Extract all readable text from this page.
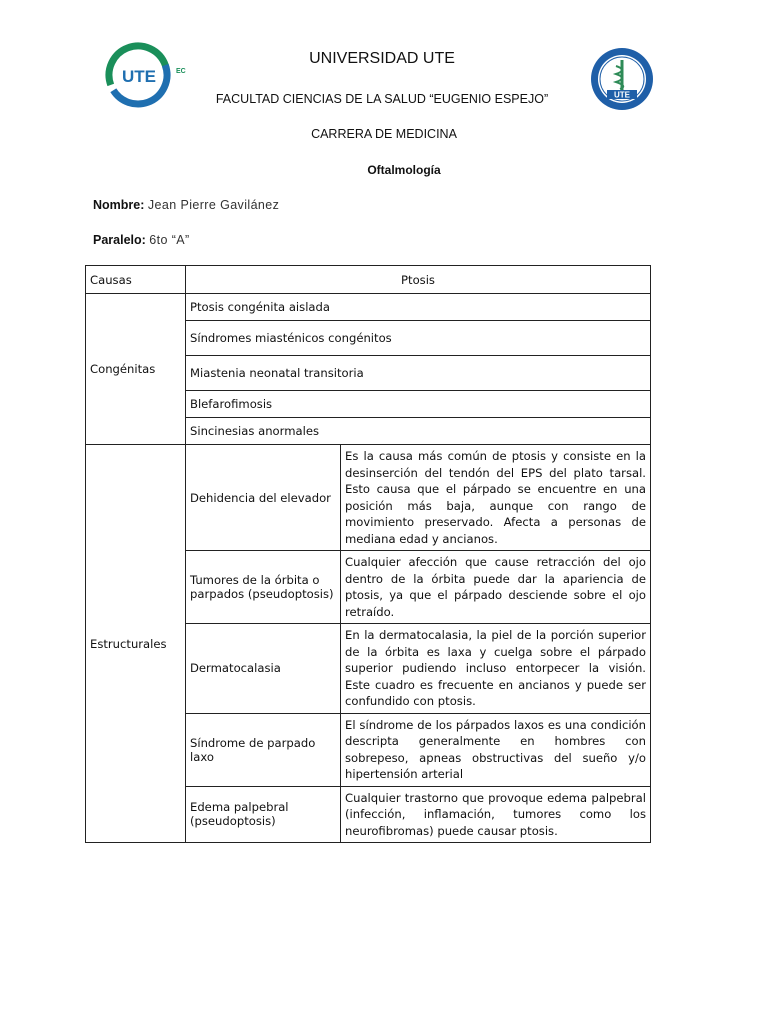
UTE	EC
UTE
UNIVERSIDAD UTE
FACULTAD CIENCIAS DE LA SALUD “EUGENIO ESPEJO”
CARRERA DE MEDICINA
Oftalmología
Nombre: Jean Pierre Gavilánez
Paralelo: 6to “A”
Causas	Ptosis	
Congénitas	Ptosis congénita aislada	
	Síndromes miasténicos congénitos	
	Miastenia neonatal transitoria	
	Blefarofimosis	
	Sincinesias anormales	
Estructurales	Dehidencia del elevador	Es la causa más común de ptosis y consiste en la desinserción del tendón del EPS del plato tarsal. Esto causa que el párpado se encuentre en una posición más baja, aunque con rango de movimiento preservado. Afecta a personas de mediana edad y ancianos.
	Tumores de la órbita o parpados (pseudoptosis)	Cualquier afección que cause retracción del ojo dentro de la órbita puede dar la apariencia de ptosis, ya que el párpado desciende sobre el ojo retraído.
	Dermatocalasia	En la dermatocalasia, la piel de la porción superior de la órbita es laxa y cuelga sobre el párpado superior pudiendo incluso entorpecer la visión. Este cuadro es frecuente en ancianos y puede ser confundido con ptosis.
	Síndrome de parpado laxo	El síndrome de los párpados laxos es una condición descripta generalmente en hombres con sobrepeso, apneas obstructivas del sueño y/o hipertensión arterial
	Edema palpebral (pseudoptosis)	Cualquier trastorno que provoque edema palpebral (infección, inflamación, tumores como los neurofibromas) puede causar ptosis.
